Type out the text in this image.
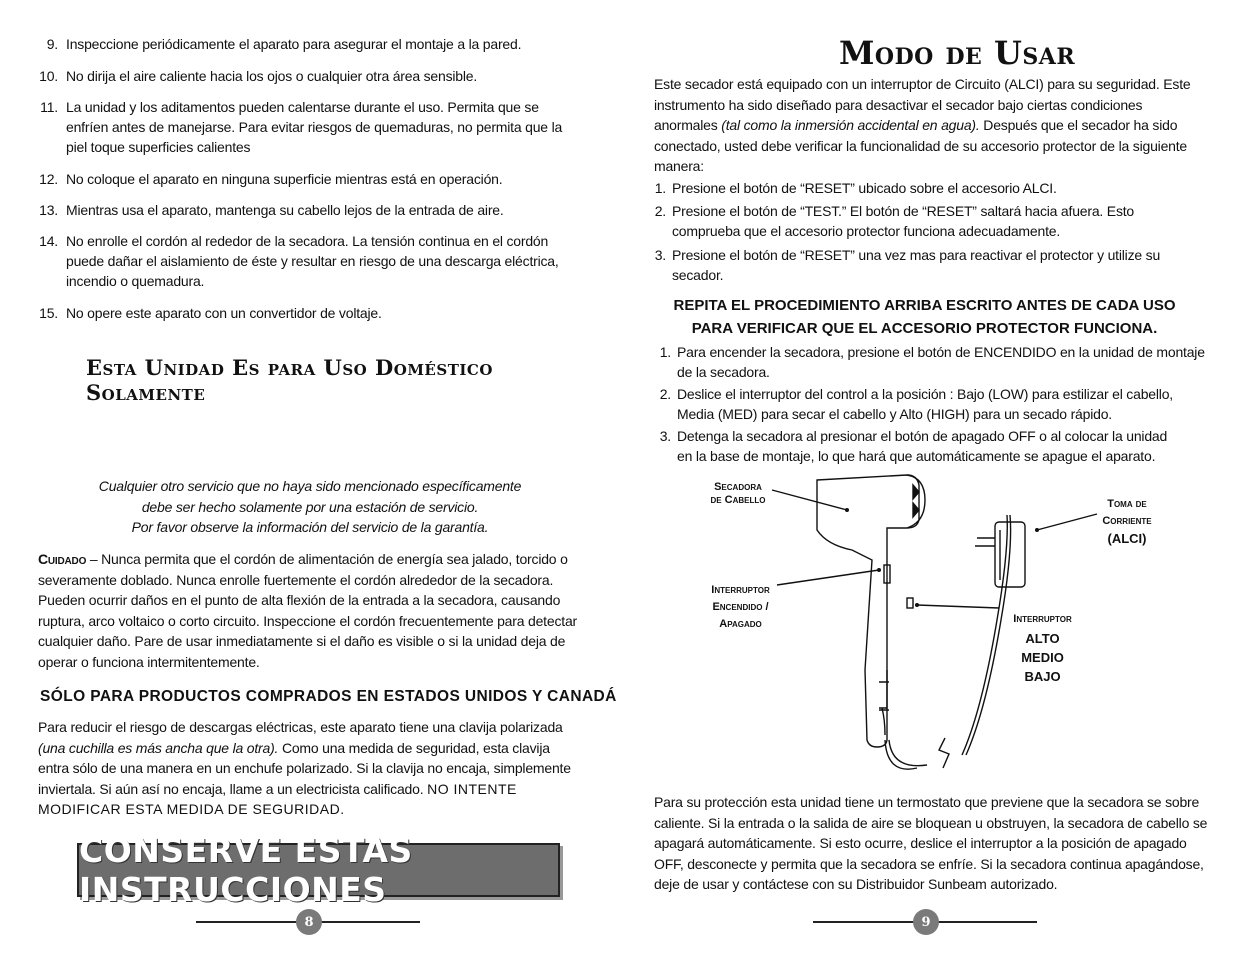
9. Inspeccione periódicamente el aparato para asegurar el montaje a la pared.
10. No dirija el aire caliente hacia los ojos o cualquier otra área sensible.
11. La unidad y los aditamentos pueden calentarse durante el uso. Permita que se enfríen antes de manejarse. Para evitar riesgos de quemaduras, no permita que la piel toque superficies calientes
12. No coloque el aparato en ninguna superficie mientras está en operación.
13. Mientras usa el aparato, mantenga su cabello lejos de la entrada de aire.
14. No enrolle el cordón al rededor de la secadora. La tensión continua en el cordón puede dañar el aislamiento de éste y resultar en riesgo de una descarga eléctrica, incendio o quemadura.
15. No opere este aparato con un convertidor de voltaje.
Esta Unidad Es para Uso Doméstico Solamente
Cualquier otro servicio que no haya sido mencionado específicamente
debe ser hecho solamente por una estación de servicio.
Por favor observe la información del servicio de la garantía.
Cuidado – Nunca permita que el cordón de alimentación de energía sea jalado, torcido o severamente doblado. Nunca enrolle fuertemente el cordón alrededor de la secadora. Pueden ocurrir daños en el punto de alta flexión de la entrada a la secadora, causando ruptura, arco voltaico o corto circuito. Inspeccione el cordón frecuentemente para detectar cualquier daño. Pare de usar inmediatamente si el daño es visible o si la unidad deja de operar o funciona intermitentemente.
SÓLO PARA PRODUCTOS COMPRADOS EN ESTADOS UNIDOS Y CANADÁ
Para reducir el riesgo de descargas eléctricas, este aparato tiene una clavija polarizada (una cuchilla es más ancha que la otra). Como una medida de seguridad, esta clavija entra sólo de una manera en un enchufe polarizado. Si la clavija no encaja, simplemente inviertala. Si aún así no encaja, llame a un electricista calificado. NO INTENTE MODIFICAR ESTA MEDIDA DE SEGURIDAD.
CONSERVE ESTAS INSTRUCCIONES
8
Modo de Usar
Este secador está equipado con un interruptor de Circuito (ALCI) para su seguridad. Este instrumento ha sido diseñado para desactivar el secador bajo ciertas condiciones anormales (tal como la inmersión accidental en agua). Después que el secador ha sido conectado, usted debe verificar la funcionalidad de su accesorio protector de la siguiente manera:
1. Presione el botón de “RESET” ubicado sobre el accesorio ALCI.
2. Presione el botón de “TEST.” El botón de “RESET” saltará hacia afuera. Esto comprueba que el accesorio protector funciona adecuadamente.
3. Presione el botón de “RESET” una vez mas para reactivar el protector y utilize su secador.
REPITA EL PROCEDIMIENTO ARRIBA ESCRITO ANTES DE CADA USO
PARA VERIFICAR QUE EL ACCESORIO PROTECTOR FUNCIONA.
1. Para encender la secadora, presione el botón de ENCENDIDO en la unidad de montaje de la secadora.
2. Deslice el interruptor del control a la posición : Bajo (LOW) para estilizar el cabello, Media (MED) para secar el cabello y Alto (HIGH) para un secado rápido.
3. Detenga la secadora al presionar el botón de apagado OFF o al colocar la unidad en la base de montaje, lo que hará que automáticamente se apague el aparato.
Secadora
de Cabello	Toma de
Corriente
(ALCI)
Interruptor
Encendido /
Apagado	Interruptor
ALTO
MEDIO
BAJO
Para su protección esta unidad tiene un termostato que previene que la secadora se sobre caliente. Si la entrada o la salida de aire se bloquean u obstruyen, la secadora de cabello se apagará automáticamente. Si esto ocurre, deslice el interruptor a la posición de apagado OFF, desconecte y permita que la secadora se enfríe. Si la secadora continua apagándose, deje de usar y contáctese con su Distribuidor Sunbeam autorizado.
9
